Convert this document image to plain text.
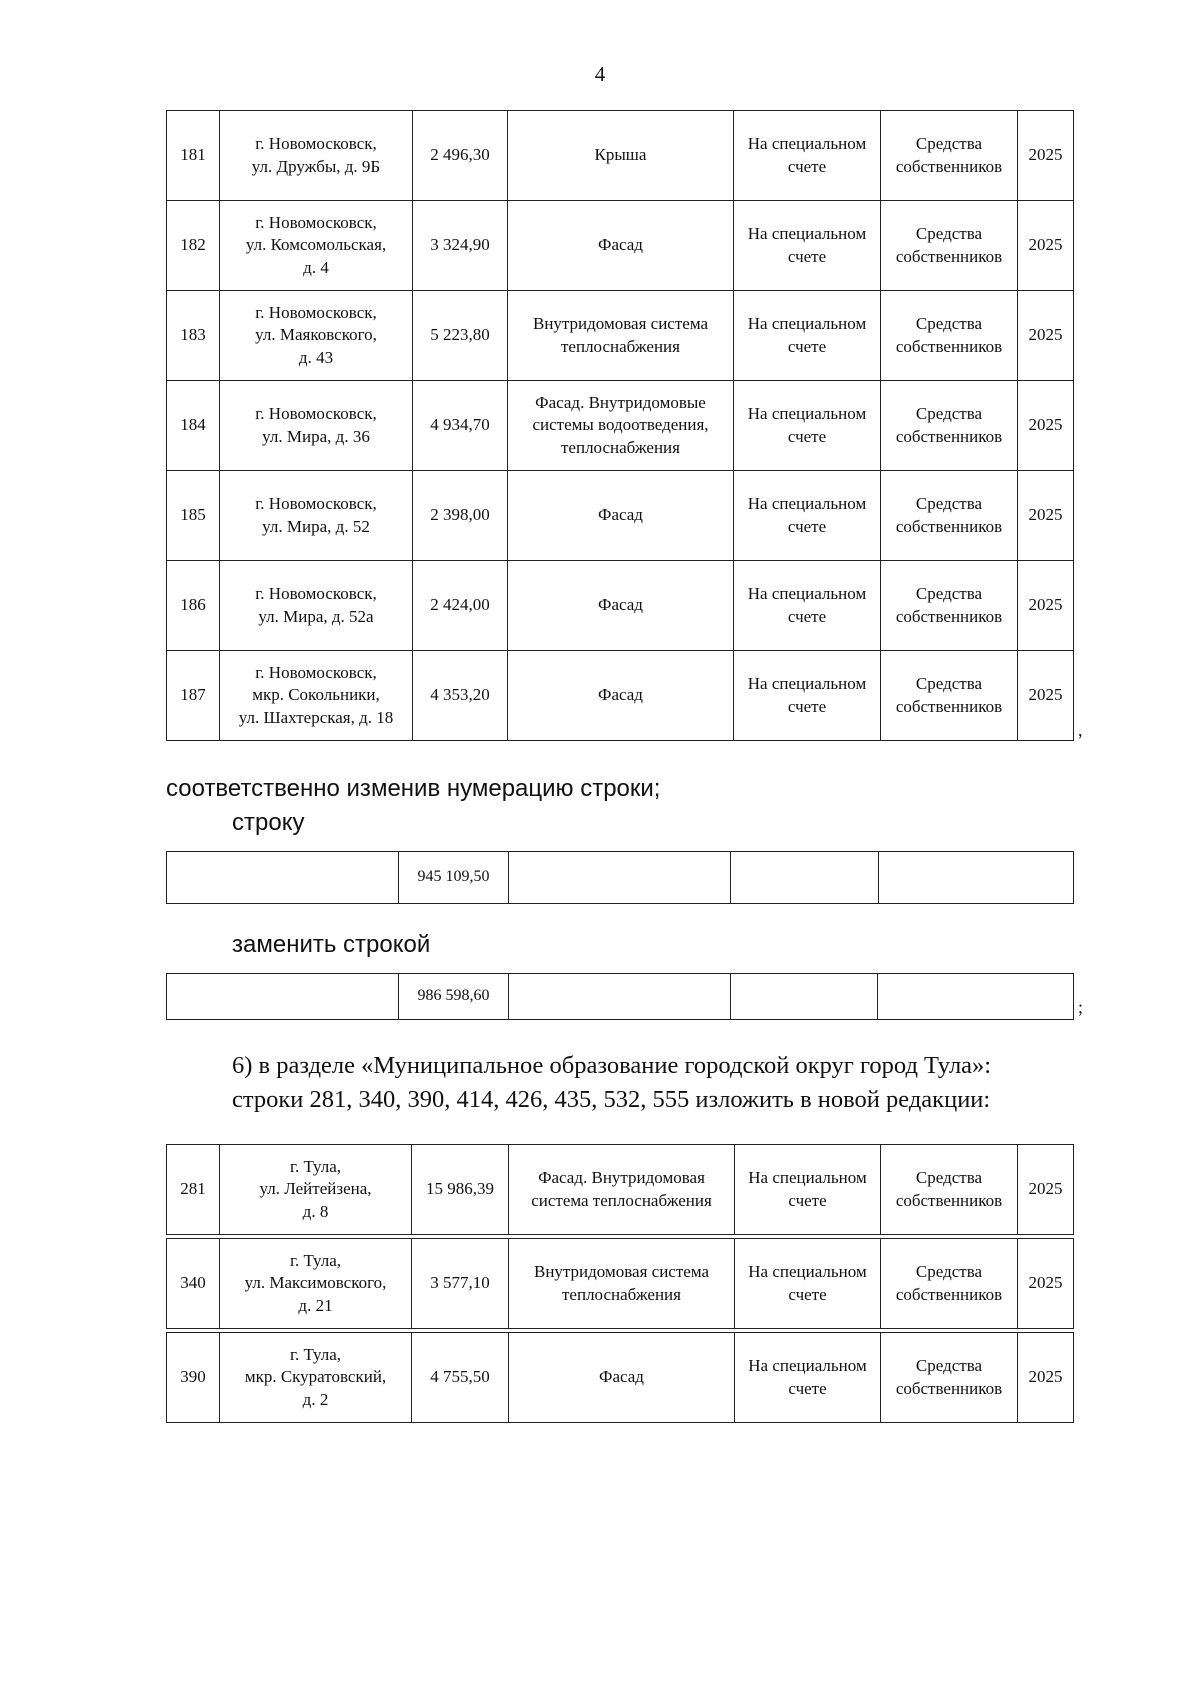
4
181	г. Новомосковск,
ул. Дружбы, д. 9Б	2 496,30	Крыша	На специальном
счете	Средства
собственников	2025
182	г. Новомосковск,
ул. Комсомольская,
д. 4	3 324,90	Фасад	На специальном
счете	Средства
собственников	2025
183	г. Новомосковск,
ул. Маяковского,
д. 43	5 223,80	Внутридомовая система
теплоснабжения	На специальном
счете	Средства
собственников	2025
184	г. Новомосковск,
ул. Мира, д. 36	4 934,70	Фасад. Внутридомовые
системы водоотведения,
теплоснабжения	На специальном
счете	Средства
собственников	2025
185	г. Новомосковск,
ул. Мира, д. 52	2 398,00	Фасад	На специальном
счете	Средства
собственников	2025
186	г. Новомосковск,
ул. Мира, д. 52а	2 424,00	Фасад	На специальном
счете	Средства
собственников	2025
187	г. Новомосковск,
мкр. Сокольники,
ул. Шахтерская, д. 18	4 353,20	Фасад	На специальном
счете	Средства
собственников	2025
,

соответственно изменив нумерацию строки;

строку

	945 109,50			

заменить строкой

	986 598,60			
;

6) в разделе «Муниципальное образование городской округ город Тула»:

строки 281, 340, 390, 414, 426, 435, 532, 555 изложить в новой редакции:

281	г. Тула,
ул. Лейтейзена,
д. 8	15 986,39	Фасад. Внутридомовая
система теплоснабжения	На специальном
счете	Средства
собственников	2025
340	г. Тула,
ул. Максимовского,
д. 21	3 577,10	Внутридомовая система
теплоснабжения	На специальном
счете	Средства
собственников	2025
390	г. Тула,
мкр. Скуратовский,
д. 2	4 755,50	Фасад	На специальном
счете	Средства
собственников	2025
